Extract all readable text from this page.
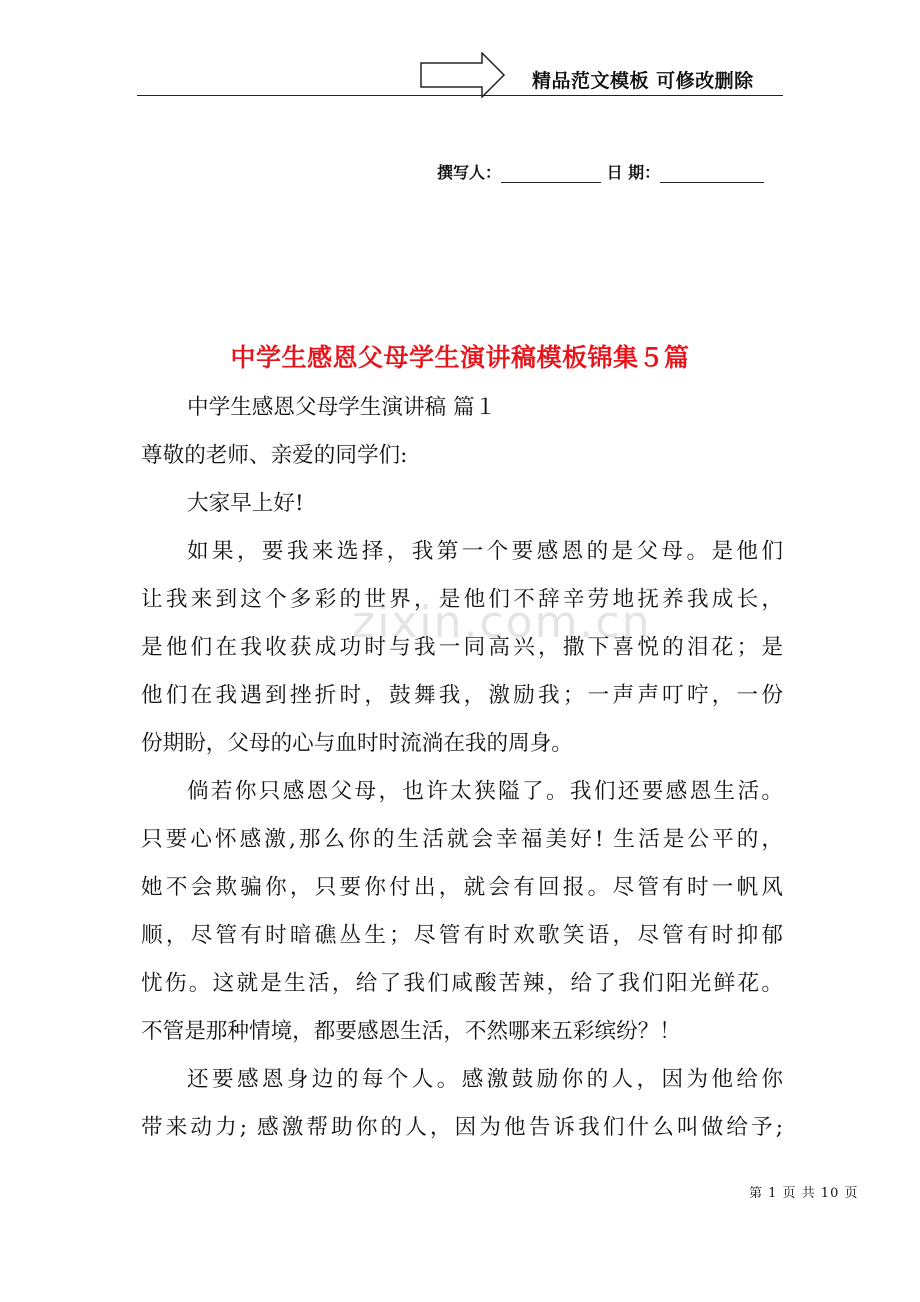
精品范文模板 可修改删除
撰写人：	日 期：
中学生感恩父母学生演讲稿模板锦集５篇
zixin.com.cn
中学生感恩父母学生演讲稿 篇１
尊敬的老师、亲爱的同学们:
大家早上好!
如果，要我来选择，我第一个要感恩的是父母。是他们
让我来到这个多彩的世界，是他们不辞辛劳地抚养我成长，
是他们在我收获成功时与我一同高兴，撒下喜悦的泪花；是
他们在我遇到挫折时，鼓舞我，激励我；一声声叮咛，一份
份期盼，父母的心与血时时流淌在我的周身。
倘若你只感恩父母，也许太狭隘了。我们还要感恩生活。
只要心怀感激,那么你的生活就会幸福美好! 生活是公平的，
她不会欺骗你，只要你付出，就会有回报。尽管有时一帆风
顺，尽管有时暗礁丛生；尽管有时欢歌笑语，尽管有时抑郁
忧伤。这就是生活，给了我们咸酸苦辣，给了我们阳光鲜花。
不管是那种情境，都要感恩生活，不然哪来五彩缤纷？！
还要感恩身边的每个人。感激鼓励你的人，因为他给你
带来动力; 感激帮助你的人，因为他告诉我们什么叫做给予;
第 1 页 共 10 页
